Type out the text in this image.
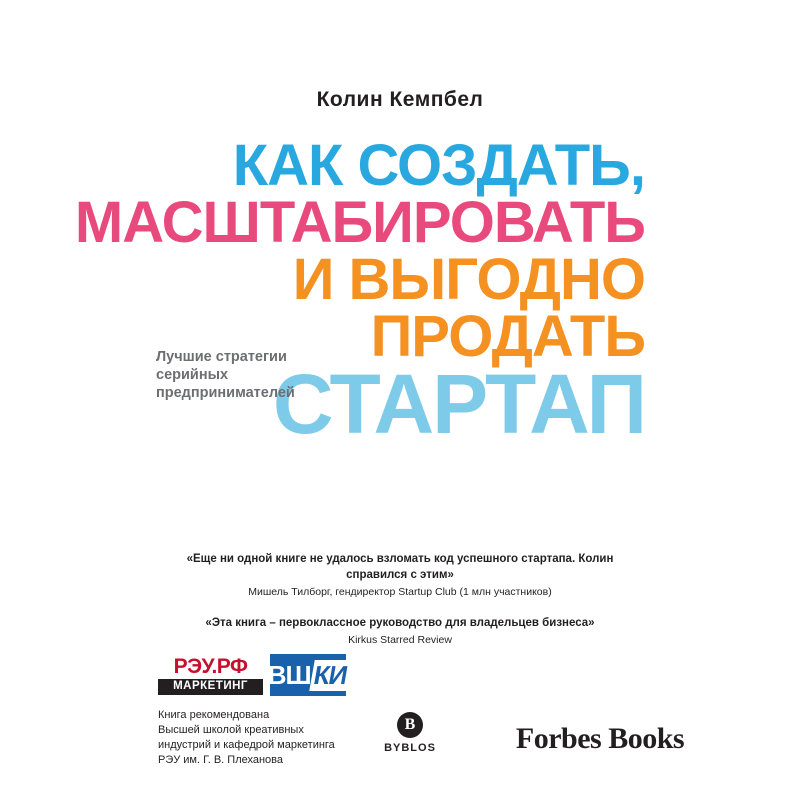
Колин Кемпбел
КАК СОЗДАТЬ,
МАСШТАБИРОВАТЬ
И ВЫГОДНО
ПРОДАТЬ
СТАРТАП
Лучшие стратегии
серийных
предпринимателей
«Еще ни одной книге не удалось взломать код успешного стартапа. Колин справился с этим»
Мишель Тилборг, гендиректор Startup Club (1 млн участников)
«Эта книга – первоклассное руководство для владельцев бизнеса»
Kirkus Starred Review
РЭУ.РФ
МАРКЕТИНГ ВШ КИ
Книга рекомендована
Высшей школой креативных
индустрий и кафедрой маркетинга
РЭУ им. Г. В. Плеханова
B
BYBLOS	Forbes Books
